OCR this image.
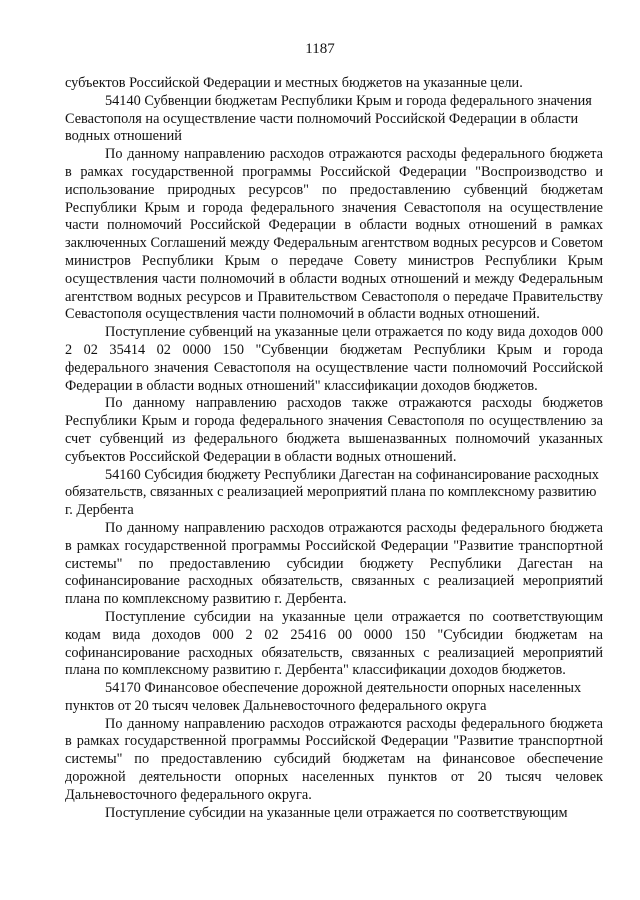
1187

субъектов Российской Федерации и местных бюджетов на указанные цели.

54140 Субвенции бюджетам Республики Крым и города федерального значения Севастополя на осуществление части полномочий Российской Федерации в области водных отношений

По данному направлению расходов отражаются расходы федерального бюджета в рамках государственной программы Российской Федерации "Воспроизводство и использование природных ресурсов" по предоставлению субвенций бюджетам Республики Крым и города федерального значения Севастополя на осуществление части полномочий Российской Федерации в области водных отношений в рамках заключенных Соглашений между Федеральным агентством водных ресурсов и Советом министров Республики Крым о передаче Совету министров Республики Крым осуществления части полномочий в области водных отношений и между Федеральным агентством водных ресурсов и Правительством Севастополя о передаче Правительству Севастополя осуществления части полномочий в области водных отношений.

Поступление субвенций на указанные цели отражается по коду вида доходов 000 2 02 35414 02 0000 150 "Субвенции бюджетам Республики Крым и города федерального значения Севастополя на осуществление части полномочий Российской Федерации в области водных отношений" классификации доходов бюджетов.

По данному направлению расходов также отражаются расходы бюджетов Республики Крым и города федерального значения Севастополя по осуществлению за счет субвенций из федерального бюджета вышеназванных полномочий указанных субъектов Российской Федерации в области водных отношений.

54160 Субсидия бюджету Республики Дагестан на софинансирование расходных обязательств, связанных с реализацией мероприятий плана по комплексному развитию г. Дербента

По данному направлению расходов отражаются расходы федерального бюджета в рамках государственной программы Российской Федерации "Развитие транспортной системы" по предоставлению субсидии бюджету Республики Дагестан на софинансирование расходных обязательств, связанных с реализацией мероприятий плана по комплексному развитию г. Дербента.

Поступление субсидии на указанные цели отражается по соответствующим кодам вида доходов 000 2 02 25416 00 0000 150 "Субсидии бюджетам на софинансирование расходных обязательств, связанных с реализацией мероприятий плана по комплексному развитию г. Дербента" классификации доходов бюджетов.

54170 Финансовое обеспечение дорожной деятельности опорных населенных пунктов от 20 тысяч человек Дальневосточного федерального округа

По данному направлению расходов отражаются расходы федерального бюджета в рамках государственной программы Российской Федерации "Развитие транспортной системы" по предоставлению субсидий бюджетам на финансовое обеспечение дорожной деятельности опорных населенных пунктов от 20 тысяч человек Дальневосточного федерального округа.

Поступление субсидии на указанные цели отражается по соответствующим
